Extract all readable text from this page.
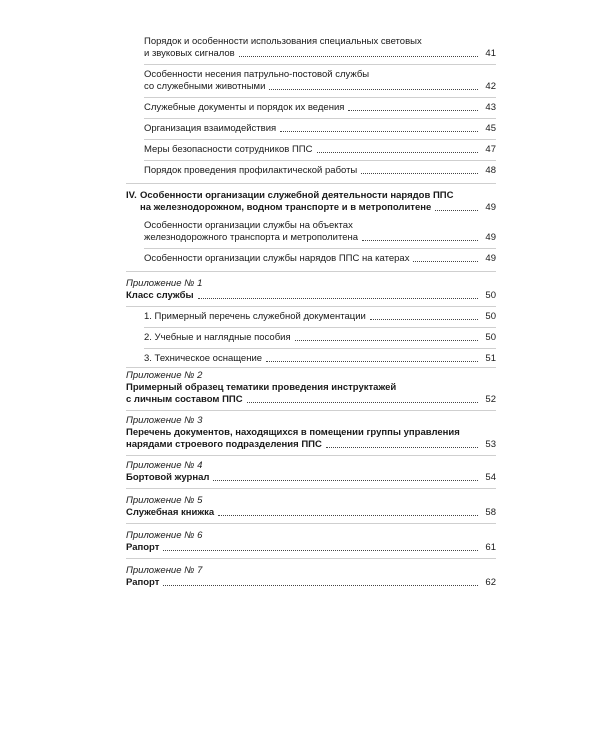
Порядок и особенности использования специальных световых
и звуковых сигналов	41
Особенности несения патрульно-постовой службы
со служебными животными	42
Служебные документы и порядок их ведения	43
Организация взаимодействия	45
Меры безопасности сотрудников ППС	47
Порядок проведения профилактической работы	48
IV. Особенности организации служебной деятельности нарядов ППС
на железнодорожном, водном транспорте и в метрополитене	49
Особенности организации службы на объектах
железнодорожного транспорта и метрополитена	49
Особенности организации службы нарядов ППС на катерах	49
Приложение № 1
Класс службы	50
1. Примерный перечень служебной документации	50
2. Учебные и наглядные пособия	50
3. Техническое оснащение	51
Приложение № 2
Примерный образец тематики проведения инструктажей
с личным составом ППС	52
Приложение № 3
Перечень документов, находящихся в помещении группы управления
нарядами строевого подразделения ППС	53
Приложение № 4
Бортовой журнал	54
Приложение № 5
Служебная книжка	58
Приложение № 6
Рапорт	61
Приложение № 7
Рапорт	62
